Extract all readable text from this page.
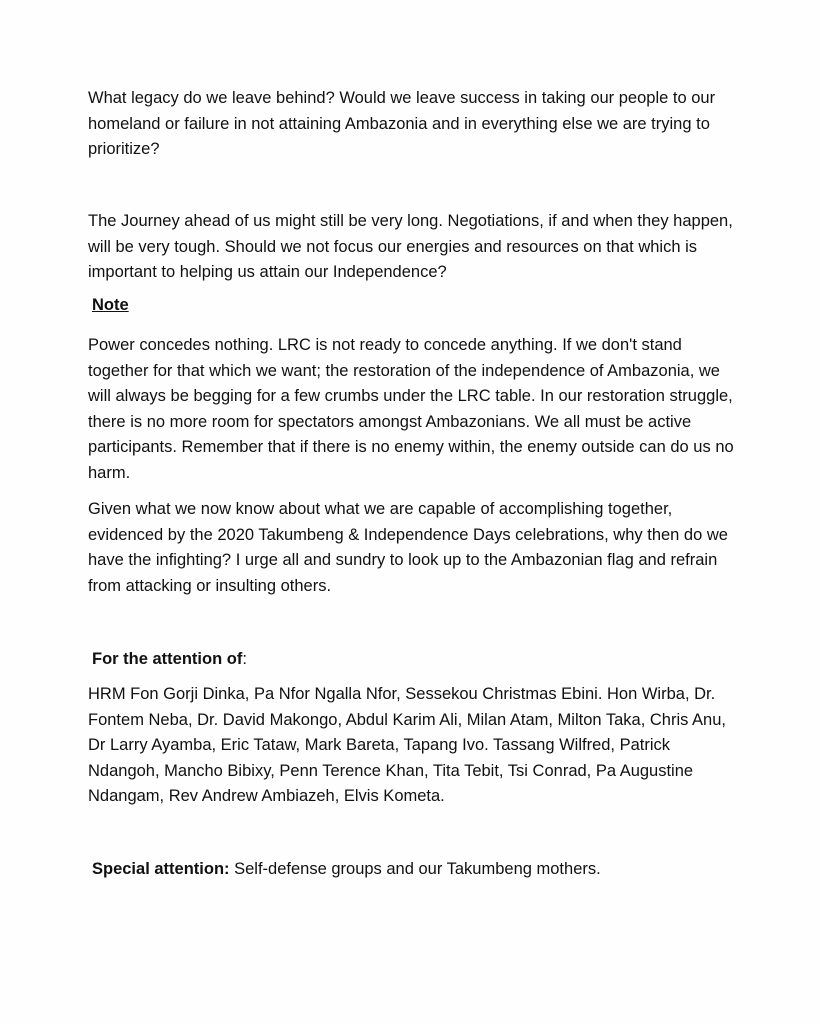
What legacy do we leave behind? Would we leave success in taking our people to our homeland or failure in not attaining Ambazonia and in everything else we are trying to prioritize?

The Journey ahead of us might still be very long. Negotiations, if and when they happen, will be very tough. Should we not focus our energies and resources on that which is important to helping us attain our Independence?

Note

Power concedes nothing. LRC is not ready to concede anything. If we don't stand together for that which we want; the restoration of the independence of Ambazonia, we will always be begging for a few crumbs under the LRC table. In our restoration struggle, there is no more room for spectators amongst Ambazonians. We all must be active participants. Remember that if there is no enemy within, the enemy outside can do us no harm.

Given what we now know about what we are capable of accomplishing together, evidenced by the 2020 Takumbeng & Independence Days celebrations, why then do we have the infighting? I urge all and sundry to look up to the Ambazonian flag and refrain from attacking or insulting others.

For the attention of:

HRM Fon Gorji Dinka, Pa Nfor Ngalla Nfor, Sessekou Christmas Ebini. Hon Wirba, Dr. Fontem Neba, Dr. David Makongo, Abdul Karim Ali, Milan Atam, Milton Taka, Chris Anu, Dr Larry Ayamba, Eric Tataw, Mark Bareta, Tapang Ivo. Tassang Wilfred, Patrick Ndangoh, Mancho Bibixy, Penn Terence Khan, Tita Tebit, Tsi Conrad, Pa Augustine Ndangam, Rev Andrew Ambiazeh, Elvis Kometa.

Special attention: Self-defense groups and our Takumbeng mothers.
